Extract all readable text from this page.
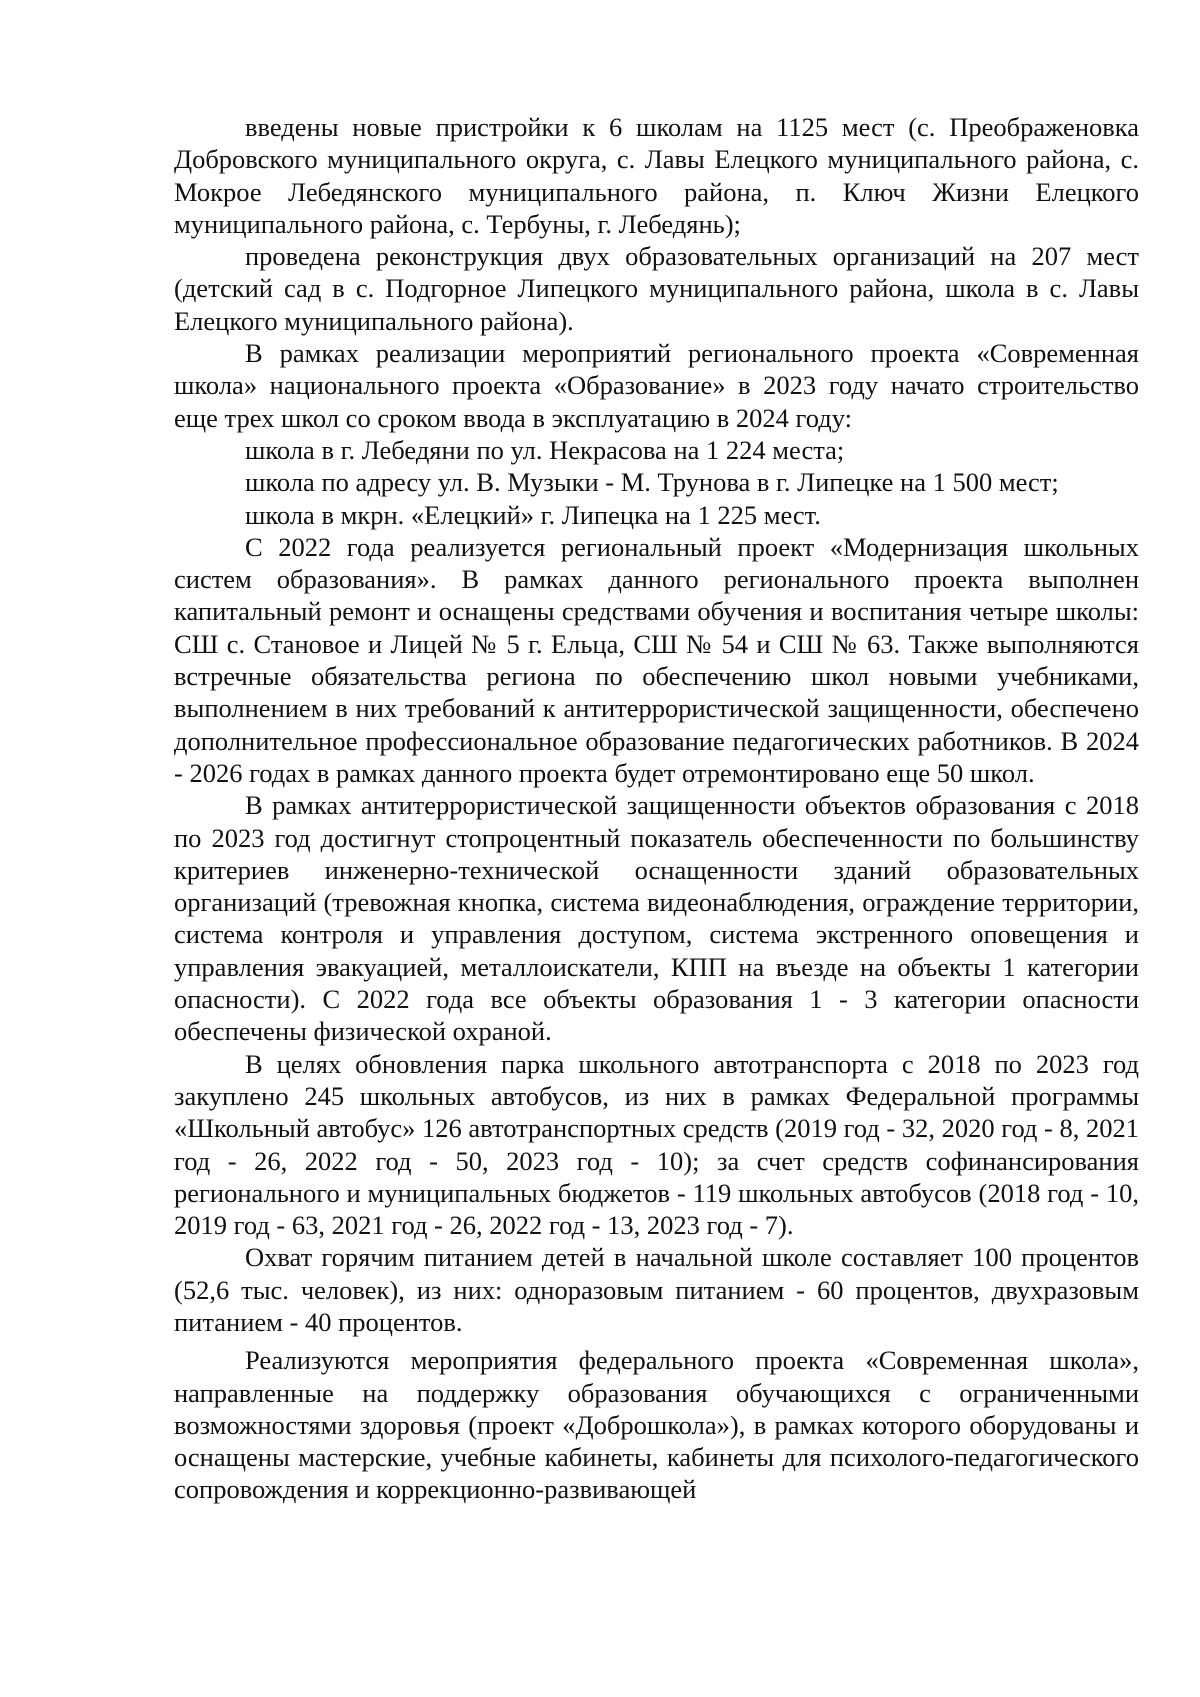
введены новые пристройки к 6 школам на 1125 мест (с. Преображеновка Добровского муниципального округа, с. Лавы Елецкого муниципального района, с. Мокрое Лебедянского муниципального района, п. Ключ Жизни Елецкого муниципального района, с. Тербуны, г. Лебедянь);

проведена реконструкция двух образовательных организаций на 207 мест (детский сад в с. Подгорное Липецкого муниципального района, школа в с. Лавы Елецкого муниципального района).

В рамках реализации мероприятий регионального проекта «Современная школа» национального проекта «Образование» в 2023 году начато строительство еще трех школ со сроком ввода в эксплуатацию в 2024 году:

школа в г. Лебедяни по ул. Некрасова на 1 224 места;

школа по адресу ул. В. Музыки - М. Трунова в г. Липецке на 1 500 мест;

школа в мкрн. «Елецкий» г. Липецка на 1 225 мест.

С 2022 года реализуется региональный проект «Модернизация школьных систем образования». В рамках данного регионального проекта выполнен капитальный ремонт и оснащены средствами обучения и воспитания четыре школы: СШ с. Становое и Лицей № 5 г. Ельца, СШ № 54 и СШ № 63. Также выполняются встречные обязательства региона по обеспечению школ новыми учебниками, выполнением в них требований к антитеррористической защищенности, обеспечено дополнительное профессиональное образование педагогических работников. В 2024 - 2026 годах в рамках данного проекта будет отремонтировано еще 50 школ.

В рамках антитеррористической защищенности объектов образования с 2018 по 2023 год достигнут стопроцентный показатель обеспеченности по большинству критериев инженерно-технической оснащенности зданий образовательных организаций (тревожная кнопка, система видеонаблюдения, ограждение территории, система контроля и управления доступом, система экстренного оповещения и управления эвакуацией, металлоискатели, КПП на въезде на объекты 1 категории опасности). С 2022 года все объекты образования 1 - 3 категории опасности обеспечены физической охраной.

В целях обновления парка школьного автотранспорта с 2018 по 2023 год закуплено 245 школьных автобусов, из них в рамках Федеральной программы «Школьный автобус» 126 автотранспортных средств (2019 год - 32, 2020 год - 8, 2021 год - 26, 2022 год - 50, 2023 год - 10); за счет средств софинансирования регионального и муниципальных бюджетов - 119 школьных автобусов (2018 год - 10, 2019 год - 63, 2021 год - 26, 2022 год - 13, 2023 год - 7).

Охват горячим питанием детей в начальной школе составляет 100 процентов (52,6 тыс. человек), из них: одноразовым питанием - 60 процентов, двухразовым питанием - 40 процентов.

Реализуются мероприятия федерального проекта «Современная школа», направленные на поддержку образования обучающихся с ограниченными возможностями здоровья (проект «Доброшкола»), в рамках которого оборудованы и оснащены мастерские, учебные кабинеты, кабинеты для психолого-педагогического сопровождения и коррекционно-развивающей
